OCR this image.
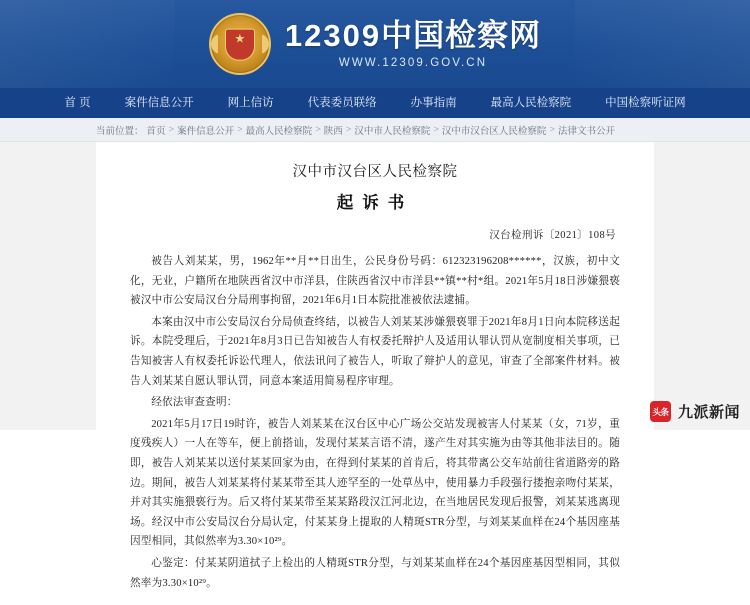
★
12309中国检察网
WWW.12309.GOV.CN
首 页	案件信息公开	网上信访	代表委员联络	办事指南	最高人民检察院	中国检察听证网
当前位置： 首页 > 案件信息公开 > 最高人民检察院 > 陕西 > 汉中市人民检察院 > 汉中市汉台区人民检察院 > 法律文书公开
汉中市汉台区人民检察院
起诉书
汉台检刑诉〔2021〕108号

被告人刘某某，男，1962年**月**日出生，公民身份号码：612323196208******，汉族，初中文化，无业，户籍所在地陕西省汉中市洋县，住陕西省汉中市洋县**镇**村*组。2021年5月18日涉嫌猥亵被汉中市公安局汉台分局刑事拘留，2021年6月1日本院批准被依法逮捕。

本案由汉中市公安局汉台分局侦查终结，以被告人刘某某涉嫌猥亵罪于2021年8月1日向本院移送起诉。本院受理后，于2021年8月3日已告知被告人有权委托辩护人及适用认罪认罚从宽制度相关事项，已告知被害人有权委托诉讼代理人，依法讯问了被告人，听取了辩护人的意见，审查了全部案件材料。被告人刘某某自愿认罪认罚，同意本案适用简易程序审理。

经依法审查查明：

2021年5月17日19时许，被告人刘某某在汉台区中心广场公交站发现被害人付某某（女，71岁，重度残疾人）一人在等车，便上前搭讪，发现付某某言语不清，遂产生对其实施为由等其他非法目的。随即，被告人刘某某以送付某某回家为由，在得到付某某的首肯后，将其带离公交车站前往省道路旁的路边。期间，被告人刘某某将付某某带至其人迹罕至的一处草丛中，使用暴力手段强行搂抱亲吻付某某，并对其实施猥亵行为。后又将付某某带至某某路段汉江河北边，在当地居民发现后报警，刘某某逃离现场。经汉中市公安局汉台分局认定，付某某身上提取的人精斑STR分型，与刘某某血样在24个基因座基因型相同，其似然率为3.30×10²⁹。

心鉴定：付某某阴道拭子上检出的人精斑STR分型，与刘某某血样在24个基因座基因型相同，其似然率为3.30×10²⁹。

头条 九派新闻
